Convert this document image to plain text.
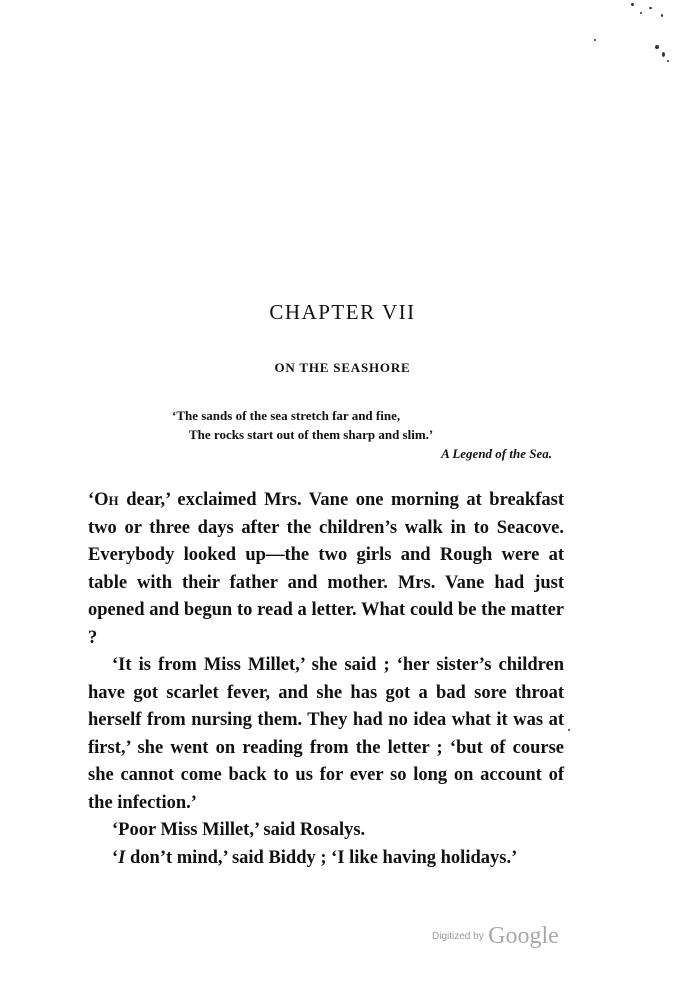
CHAPTER VII
ON THE SEASHORE
‘The sands of the sea stretch far and fine,
The rocks start out of them sharp and slim.’
A Legend of the Sea.

‘Oh dear,’ exclaimed Mrs. Vane one morning at breakfast two or three days after the children’s walk in to Seacove. Everybody looked up—the two girls and Rough were at table with their father and mother. Mrs. Vane had just opened and begun to read a letter. What could be the matter ?

‘It is from Miss Millet,’ she said ; ‘her sister’s children have got scarlet fever, and she has got a bad sore throat herself from nursing them. They had no idea what it was at first,’ she went on reading from the letter ; ‘but of course she cannot come back to us for ever so long on account of the infection.’

‘Poor Miss Millet,’ said Rosalys.

‘I don’t mind,’ said Biddy ; ‘I like having holidays.’

Digitized by Google
